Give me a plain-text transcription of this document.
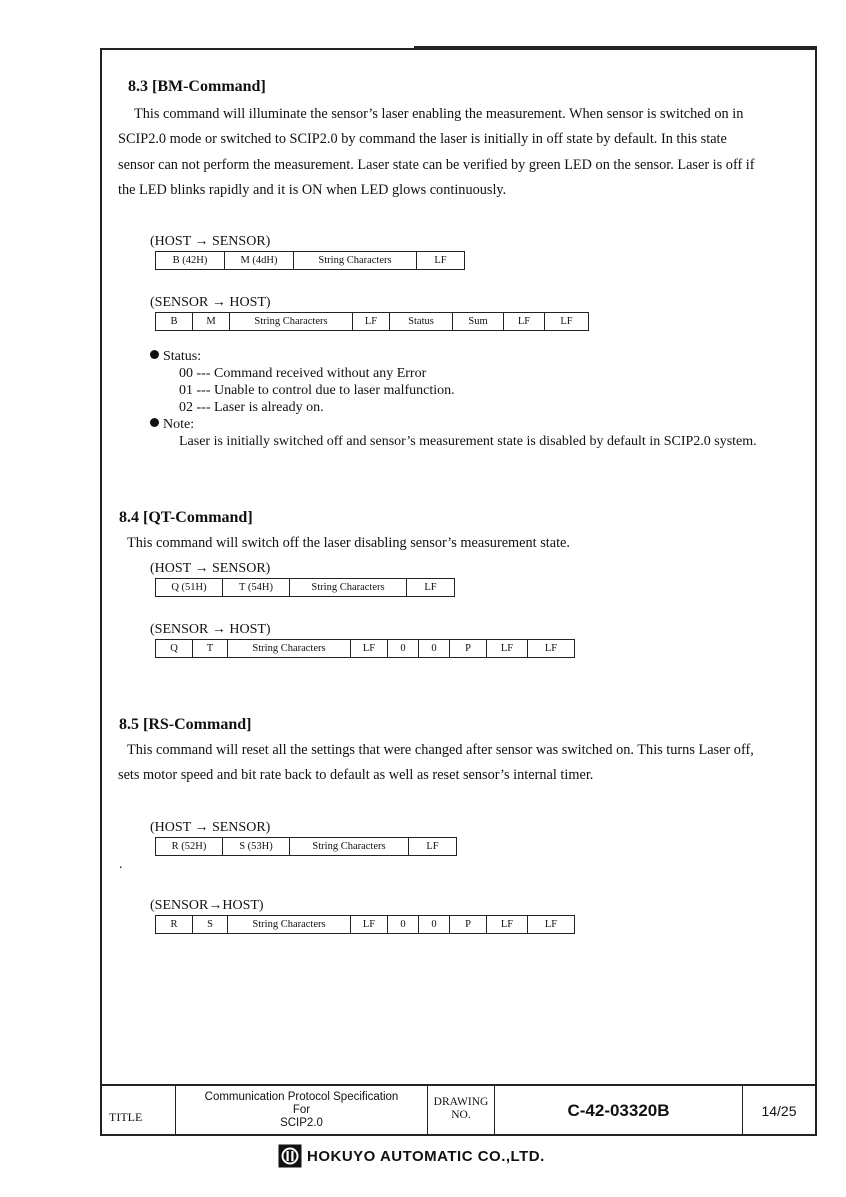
8.3 [BM-Command]
This command will illuminate the sensor’s laser enabling the measurement. When sensor is switched on in
SCIP2.0 mode or switched to SCIP2.0 by command the laser is initially in off state by default. In this state
sensor can not perform the measurement. Laser state can be verified by green LED on the sensor. Laser is off if
the LED blinks rapidly and it is ON when LED glows continuously.
(HOST → SENSOR)
B (42H)	M (4dH)	String Characters	LF
(SENSOR → HOST)
B	M	String Characters	LF	Status	Sum	LF	LF
Status:
00 --- Command received without any Error
01 --- Unable to control due to laser malfunction.
02 --- Laser is already on.
Note:
Laser is initially switched off and sensor’s measurement state is disabled by default in SCIP2.0 system.
8.4 [QT-Command]
This command will switch off the laser disabling sensor’s measurement state.
(HOST → SENSOR)
Q (51H)	T (54H)	String Characters	LF
(SENSOR → HOST)
Q	T	String Characters	LF	0	0	P	LF	LF
8.5 [RS-Command]
This command will reset all the settings that were changed after sensor was switched on. This turns Laser off,
sets motor speed and bit rate back to default as well as reset sensor’s internal timer.
(HOST → SENSOR)
R (52H)	S (53H)	String Characters	LF
.
(SENSOR→HOST)
R	S	String Characters	LF	0	0	P	LF	LF
TITLE
Communication Protocol Specification
For
SCIP2.0
DRAWING
NO.	C-42-03320B	14/25
HOKUYO AUTOMATIC CO.,LTD.
